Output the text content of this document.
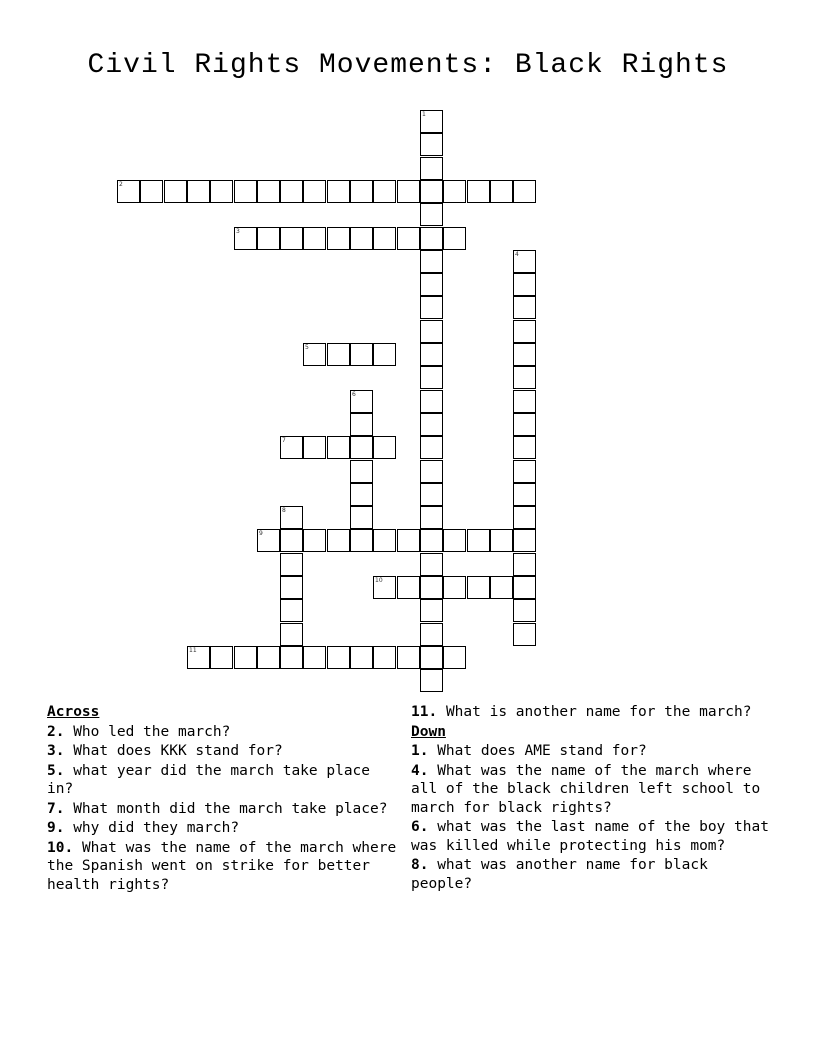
Civil Rights Movements: Black Rights
1
2
3
4
5
6
7
8
9
10
11
Across
2. Who led the march?
3. What does KKK stand for?
5. what year did the march take place in?
7. What month did the march take place?
9. why did they march?
10. What was the name of the march where the Spanish went on strike for better health rights?
11. What is another name for the march?
Down
1. What does AME stand for?
4. What was the name of the march where all of the black children left school to march for black rights?
6. what was the last name of the boy that was killed while protecting his mom?
8. what was another name for black people?
